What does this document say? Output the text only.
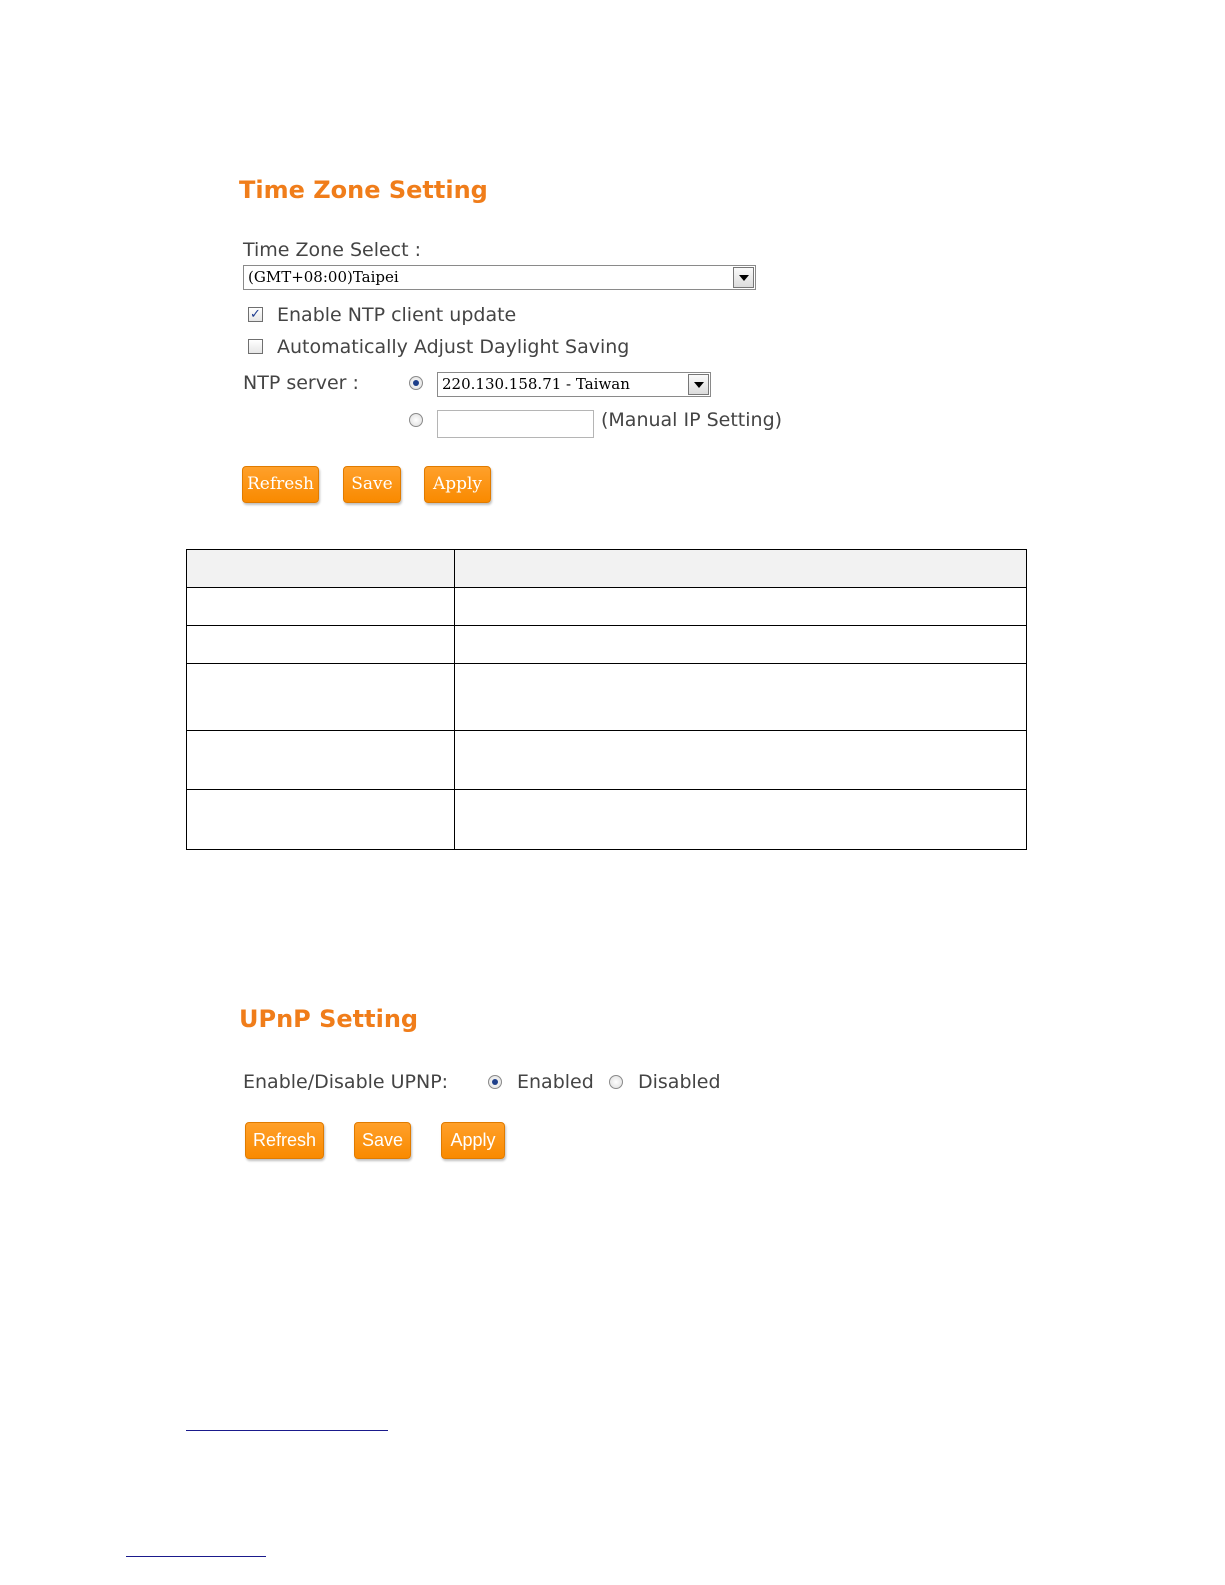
Time Zone Setting
Time Zone Select :
(GMT+08:00)Taipei
✓ Enable NTP client update
Automatically Adjust Daylight Saving
NTP server :	220.130.158.71 - Taiwan
(Manual IP Setting)
Refresh	Save	Apply

UPnP Setting
Enable/Disable UPNP:	Enabled Disabled
Refresh	Save	Apply
